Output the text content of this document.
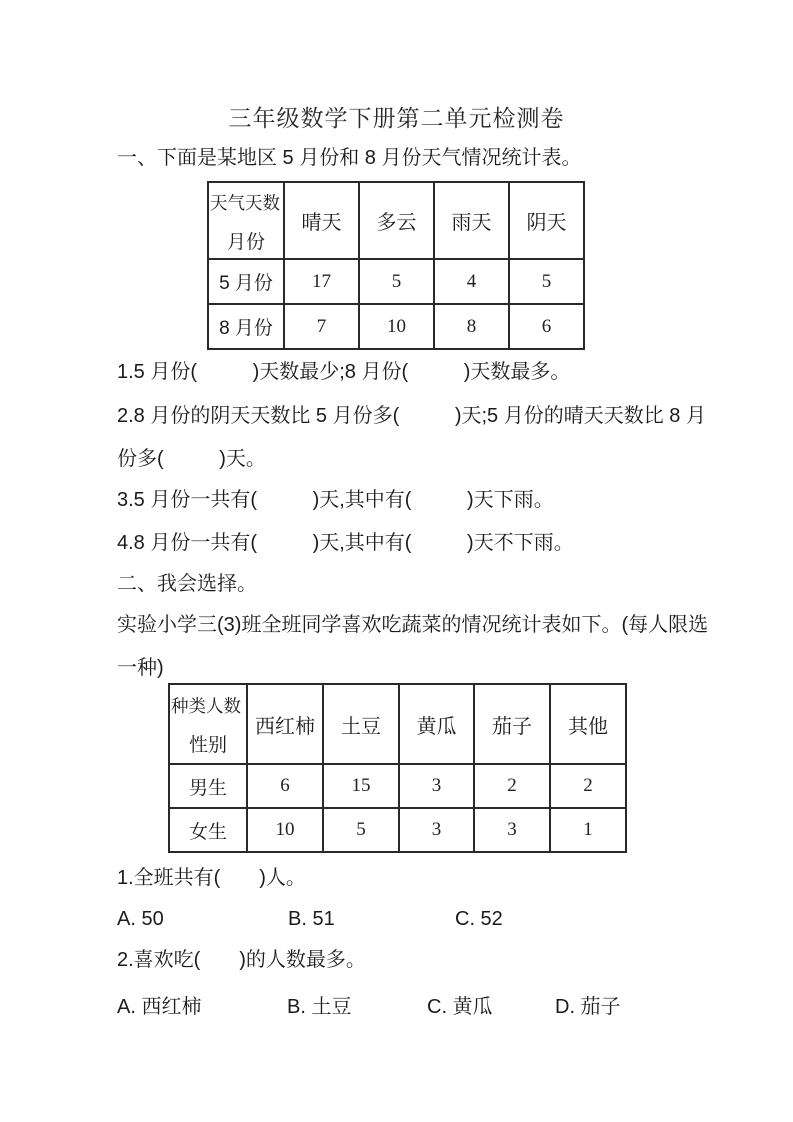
三年级数学下册第二单元检测卷
一、下面是某地区 5 月份和 8 月份天气情况统计表。
天气天数
月份	晴天	多云	雨天	阴天
5 月份	17	5	4	5
8 月份	7	10	8	6
1.5 月份(          )天数最少;8 月份(          )天数最多。
2.8 月份的阴天天数比 5 月份多(          )天;5 月份的晴天天数比 8 月
份多(          )天。
3.5 月份一共有(          )天,其中有(          )天下雨。
4.8 月份一共有(          )天,其中有(          )天不下雨。
二、我会选择。
实验小学三(3)班全班同学喜欢吃蔬菜的情况统计表如下。(每人限选
一种)
种类人数
性别	西红柿	土豆	黄瓜	茄子	其他
男生	6	15	3	2	2
女生	10	5	3	3	1
1.全班共有(       )人。
A. 50	B. 51	C. 52
2.喜欢吃(       )的人数最多。
A. 西红柿	B. 土豆	C. 黄瓜	D. 茄子
